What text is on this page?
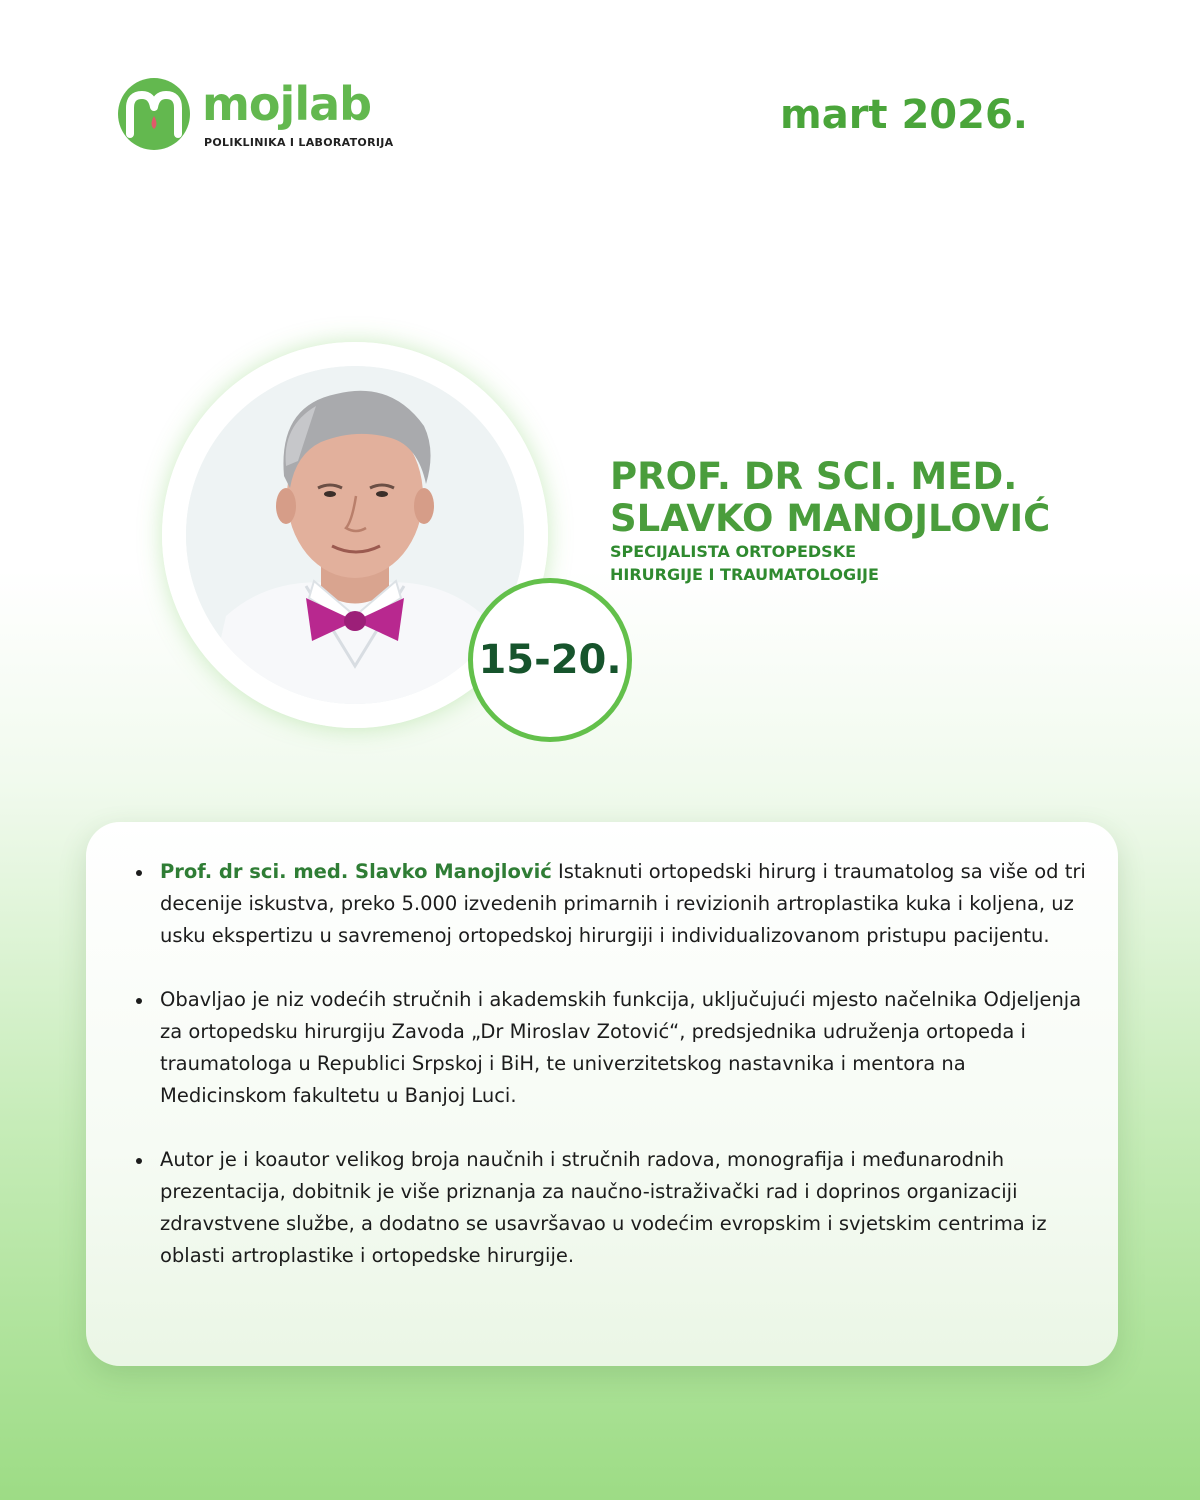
mojlab
POLIKLINIKA I LABORATORIJA
mart 2026.
15-20.
PROF. DR SCI. MED.
SLAVKO MANOJLOVIĆ
SPECIJALISTA ORTOPEDSKE
HIRURGIJE I TRAUMATOLOGIJE
Prof. dr sci. med. Slavko Manojlović Istaknuti ortopedski hirurg i traumatolog sa više od tri decenije iskustva, preko 5.000 izvedenih primarnih i revizionih artroplastika kuka i koljena, uz usku ekspertizu u savremenoj ortopedskoj hirurgiji i individualizovanom pristupu pacijentu.
Obavljao je niz vodećih stručnih i akademskih funkcija, uključujući mjesto načelnika Odjeljenja za ortopedsku hirurgiju Zavoda „Dr Miroslav Zotović“, predsjednika udruženja ortopeda i traumatologa u Republici Srpskoj i BiH, te univerzitetskog nastavnika i mentora na Medicinskom fakultetu u Banjoj Luci.
Autor je i koautor velikog broja naučnih i stručnih radova, monografija i međunarodnih prezentacija, dobitnik je više priznanja za naučno-istraživački rad i doprinos organizaciji zdravstvene službe, a dodatno se usavršavao u vodećim evropskim i svjetskim centrima iz oblasti artroplastike i ortopedske hirurgije.
